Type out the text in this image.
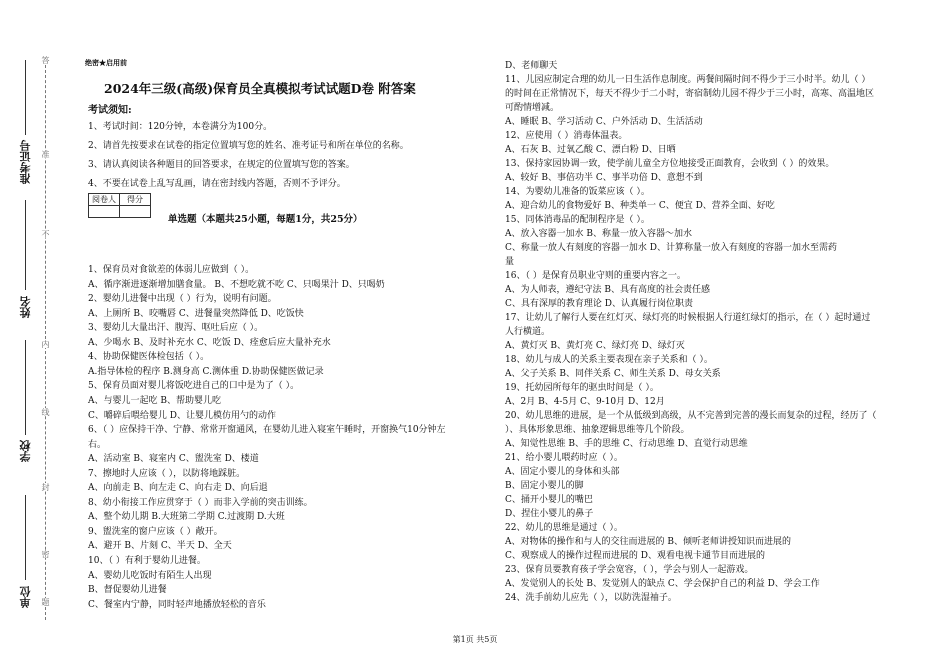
准考证号
姓名
学校
单位 题
答
准
不
内
线
封
密
绝密★启用前
2024年三级(高级)保育员全真模拟考试试题D卷 附答案
考试须知:
1、考试时间：120分钟，本卷满分为100分。
2、请首先按要求在试卷的指定位置填写您的姓名、准考证号和所在单位的名称。
3、请认真阅读各种题目的回答要求，在规定的位置填写您的答案。
4、不要在试卷上乱写乱画，请在密封线内答题，否则不予评分。
阅卷人	得分

单选题（本题共25小题，每题1分，共25分）
1、保育员对食欲差的体弱儿应做到（ ）。
A、循序渐进逐渐增加膳食量。 B、不想吃就不吃 C、只喝果汁 D、只喝奶
2、婴幼儿进餐中出现（ ）行为，说明有问题。
A、上厕所 B、咬嘴唇 C、进餐量突然降低 D、吃饭快
3、婴幼儿大量出汗、腹泻、呕吐后应（ ）。
A、少喝水 B、及时补充水 C、吃饭 D、痊愈后应大量补充水
4、协助保健医体检包括（ ）。
A.指导体检的程序 B.测身高 C.测体重 D.协助保健医做记录
5、保育员面对婴儿将饭吃进自己的口中是为了（ ）。
A、与婴儿一起吃 B、帮助婴儿吃
C、嚼碎后喂给婴儿 D、让婴儿模仿用勺的动作
6、（ ）应保持干净、宁静、常常开窗通风，在婴幼儿进入寝室午睡时，开窗换气10分钟左
右。
A、活动室 B、寝室内 C、盥洗室 D、楼道
7、擦地时人应该（ ），以防将地踩脏。
A、向前走 B、向左走 C、向右走 D、向后退
8、幼小衔接工作应贯穿于（ ）而非入学前的突击训练。
A、整个幼儿期 B.大班第二学期 C.过渡期 D.大班
9、盥洗室的窗户应该（ ）敞开。
A、避开 B、片刻 C、半天 D、全天
10、（ ）有利于婴幼儿进餐。
A、婴幼儿吃饭时有陌生人出现
B、督促婴幼儿进餐
C、餐室内宁静，同时轻声地播放轻松的音乐
D、老师聊天
11、儿园应制定合理的幼儿一日生活作息制度。两餐间隔时间不得少于三小时半。幼儿（ ）
的时间在正常情况下，每天不得少于二小时，寄宿制幼儿园不得少于三小时，高寒、高温地区
可酌情增减。
A、睡眠 B、学习活动 C、户外活动 D、生活活动
12、应使用（ ）消毒体温表。
A、石灰 B、过氧乙酸 C、漂白粉 D、日晒
13、保持家园协调一致，使学前儿童全方位地接受正面教育，会收到（ ）的效果。
A、较好 B、事倍功半 C、事半功倍 D、意想不到
14、为婴幼儿准备的饭菜应该（ ）。
A、迎合幼儿的食物爱好 B、种类单一 C、便宜 D、营养全面、好吃
15、同体消毒品的配制程序是（ ）。
A、放入容器一加水 B、称量一放入容器～加水
C、称量一放人有刻度的容器一加水 D、计算称量一放入有刻度的容器一加水至需药
量
16、（ ）是保育员职业守则的重要内容之一。
A、为人师表，遵纪守法 B、具有高度的社会责任感
C、具有深厚的教育理论 D、认真履行岗位职责
17、让幼儿了解行人要在红灯灭、绿灯亮的时候根据人行道红绿灯的指示，在（ ）起时通过
人行横道。
A、黄灯灭 B、黄灯亮 C、绿灯亮 D、绿灯灭
18、幼儿与成人的关系主要表现在亲子关系和（ ）。
A、父子关系 B、同伴关系 C、师生关系 D、母女关系
19、托幼园所每年的驱虫时间是（ ）。
A、2月 B、4-5月 C、9-10月 D、12月
20、幼儿思维的进展，是一个从低级到高级，从不完善到完善的漫长而复杂的过程，经历了（
）、具体形象思维、抽象逻辑思维等几个阶段。
A、知觉性思维 B、手的思维 C、行动思维 D、直觉行动思维
21、给小婴儿喂药时应（ ）。
A、固定小婴儿的身体和头部
B、固定小婴儿的脚
C、捅开小婴儿的嘴巴
D、捏住小婴儿的鼻子
22、幼儿的思维是通过（ ）。
A、对物体的操作和与人的交往而进展的 B、倾听老师讲授知识而进展的
C、观察成人的操作过程而进展的 D、观看电视卡通节目而进展的
23、保育员要教育孩子学会宽容，（ ），学会与别人一起游戏。
A、发觉别人的长处 B、发觉别人的缺点 C、学会保护自己的利益 D、学会工作
24、洗手前幼儿应先（ ），以防洗湿袖子。
第1页 共5页
